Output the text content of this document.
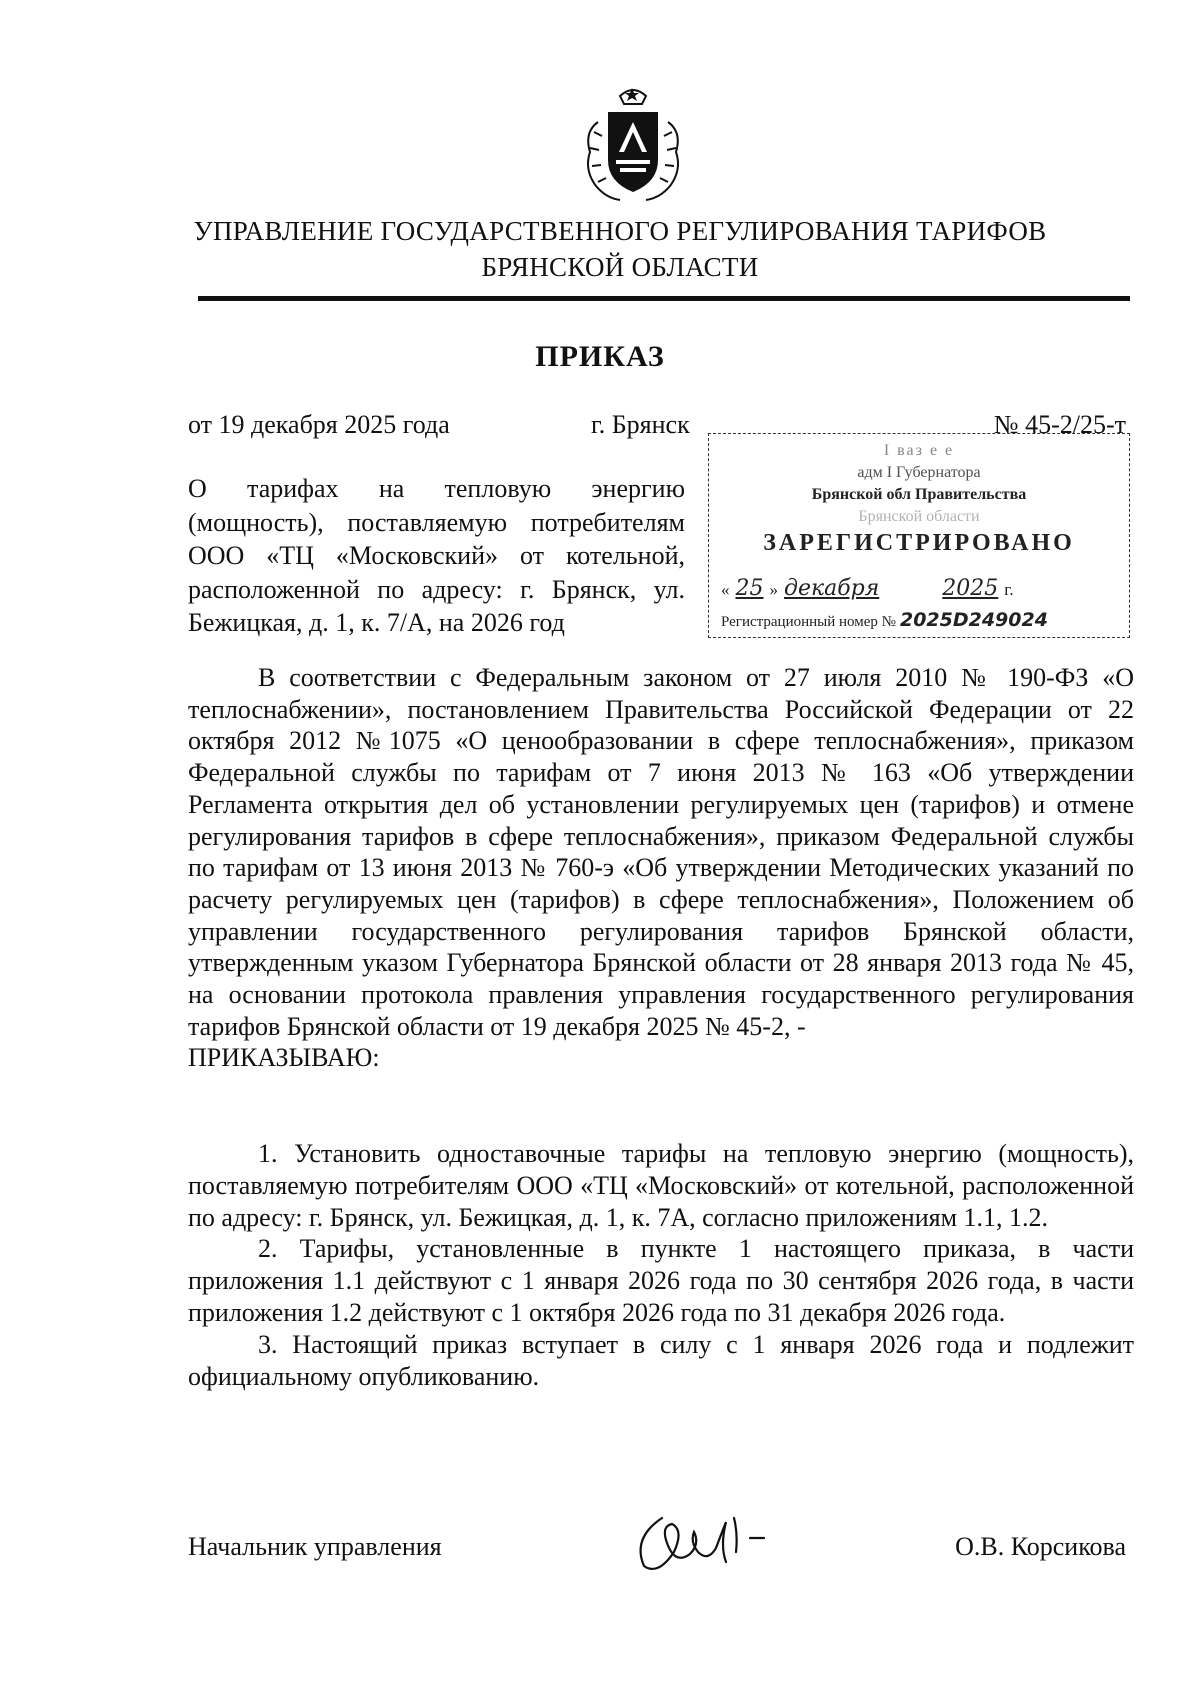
УПРАВЛЕНИЕ ГОСУДАРСТВЕННОГО РЕГУЛИРОВАНИЯ ТАРИФОВ
БРЯНСКОЙ ОБЛАСТИ
ПРИКАЗ
от 19 декабря 2025 года	г. Брянск	№ 45-2/25-т
О тарифах на тепловую энергию (мощность), поставляемую потребителям ООО «ТЦ «Московский» от котельной, расположенной по адресу: г. Брянск, ул. Бежицкая, д. 1, к. 7/А, на 2026 год
І ваз е е
адм І Губернатора
Брянской обл Правительства
Брянской области
ЗАРЕГИСТРИРОВАНО
« 25 » декабря	2025 г.
Регистрационный номер № 2025D249024

В соответствии с Федеральным законом от 27 июля 2010 № 190-ФЗ «О теплоснабжении», постановлением Правительства Российской Федерации от 22 октября 2012 №1075 «О ценообразовании в сфере теплоснабжения», приказом Федеральной службы по тарифам от 7 июня 2013 № 163 «Об утверждении Регламента открытия дел об установлении регулируемых цен (тарифов) и отмене регулирования тарифов в сфере теплоснабжения», приказом Федеральной службы по тарифам от 13 июня 2013 № 760-э «Об утверждении Методических указаний по расчету регулируемых цен (тарифов) в сфере теплоснабжения», Положением об управлении государственного регулирования тарифов Брянской области, утвержденным указом Губернатора Брянской области от 28 января 2013 года № 45, на основании протокола правления управления государственного регулирования тарифов Брянской области от 19 декабря 2025 № 45-2, -

ПРИКАЗЫВАЮ:

1. Установить одноставочные тарифы на тепловую энергию (мощность), поставляемую потребителям ООО «ТЦ «Московский» от котельной, расположенной по адресу: г. Брянск, ул. Бежицкая, д. 1, к. 7А, согласно приложениям 1.1, 1.2.

2. Тарифы, установленные в пункте 1 настоящего приказа, в части приложения 1.1 действуют с 1 января 2026 года по 30 сентября 2026 года, в части приложения 1.2 действуют с 1 октября 2026 года по 31 декабря 2026 года.

3. Настоящий приказ вступает в силу с 1 января 2026 года и подлежит официальному опубликованию.

Начальник управления	О.В. Корсикова
